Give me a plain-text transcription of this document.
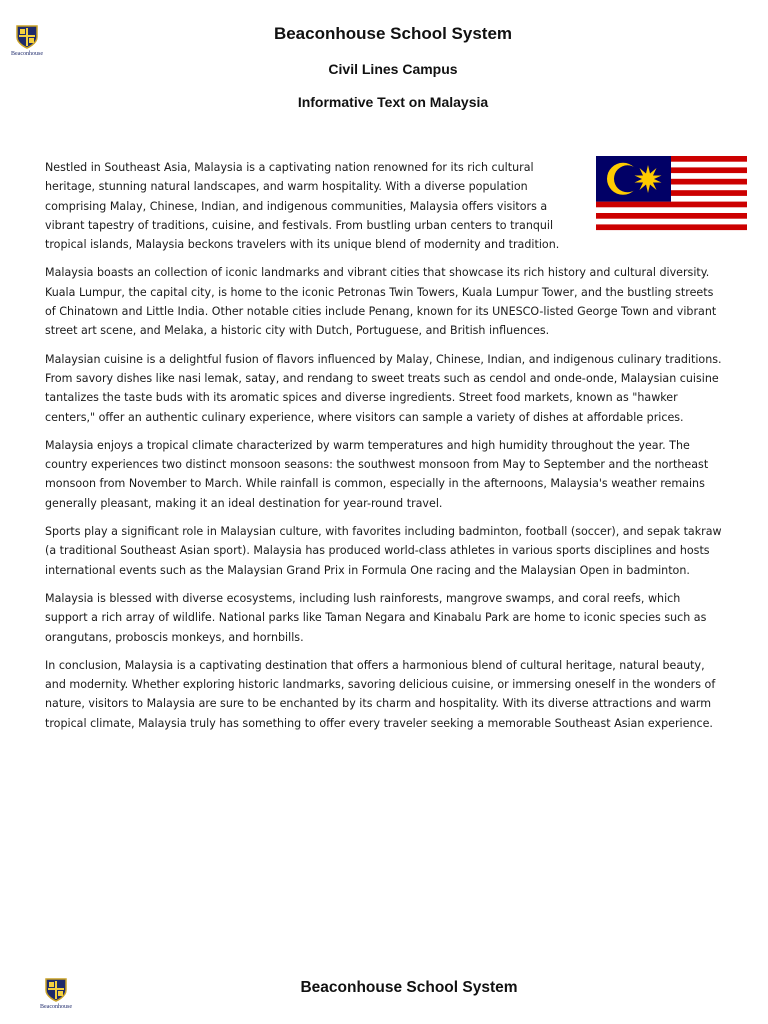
Beaconhouse
Beaconhouse School System
Civil Lines Campus
Informative Text on Malaysia

Nestled in Southeast Asia, Malaysia is a captivating nation renowned for its rich cultural heritage, stunning natural landscapes, and warm hospitality. With a diverse population comprising Malay, Chinese, Indian, and indigenous communities, Malaysia offers visitors a vibrant tapestry of traditions, cuisine, and festivals. From bustling urban centers to tranquil tropical islands, Malaysia beckons travelers with its unique blend of modernity and tradition.

Malaysia boasts an collection of iconic landmarks and vibrant cities that showcase its rich history and cultural diversity. Kuala Lumpur, the capital city, is home to the iconic Petronas Twin Towers, Kuala Lumpur Tower, and the bustling streets of Chinatown and Little India. Other notable cities include Penang, known for its UNESCO-listed George Town and vibrant street art scene, and Melaka, a historic city with Dutch, Portuguese, and British influences.

Malaysian cuisine is a delightful fusion of flavors influenced by Malay, Chinese, Indian, and indigenous culinary traditions. From savory dishes like nasi lemak, satay, and rendang to sweet treats such as cendol and onde-onde, Malaysian cuisine tantalizes the taste buds with its aromatic spices and diverse ingredients. Street food markets, known as "hawker centers," offer an authentic culinary experience, where visitors can sample a variety of dishes at affordable prices.

Malaysia enjoys a tropical climate characterized by warm temperatures and high humidity throughout the year. The country experiences two distinct monsoon seasons: the southwest monsoon from May to September and the northeast monsoon from November to March. While rainfall is common, especially in the afternoons, Malaysia's weather remains generally pleasant, making it an ideal destination for year-round travel.

Sports play a significant role in Malaysian culture, with favorites including badminton, football (soccer), and sepak takraw (a traditional Southeast Asian sport). Malaysia has produced world-class athletes in various sports disciplines and hosts international events such as the Malaysian Grand Prix in Formula One racing and the Malaysian Open in badminton.

Malaysia is blessed with diverse ecosystems, including lush rainforests, mangrove swamps, and coral reefs, which support a rich array of wildlife. National parks like Taman Negara and Kinabalu Park are home to iconic species such as orangutans, proboscis monkeys, and hornbills.

In conclusion, Malaysia is a captivating destination that offers a harmonious blend of cultural heritage, natural beauty, and modernity. Whether exploring historic landmarks, savoring delicious cuisine, or immersing oneself in the wonders of nature, visitors to Malaysia are sure to be enchanted by its charm and hospitality. With its diverse attractions and warm tropical climate, Malaysia truly has something to offer every traveler seeking a memorable Southeast Asian experience.

Beaconhouse
Beaconhouse School System
